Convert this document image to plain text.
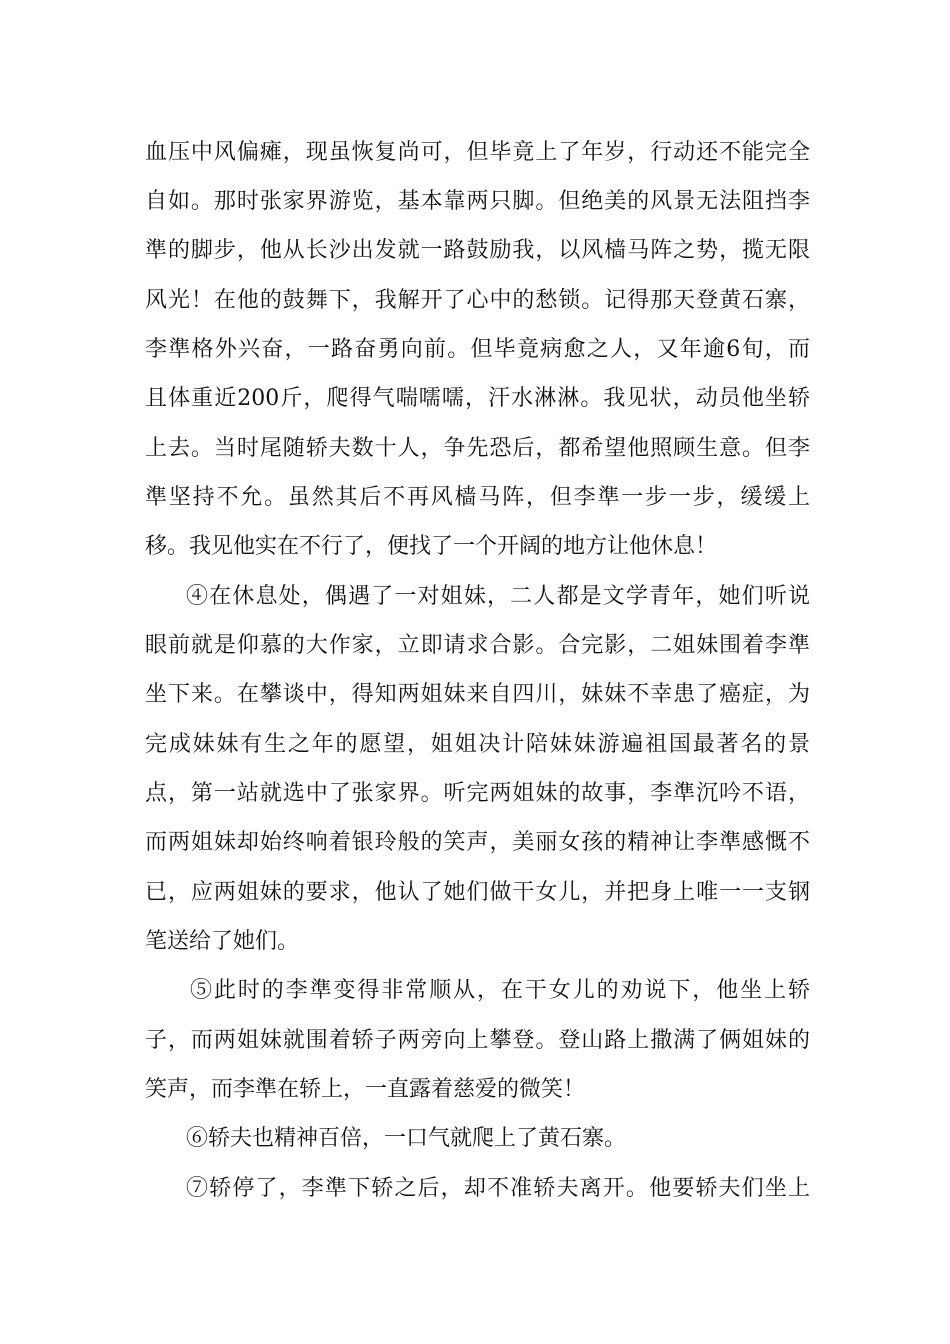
血压中风偏瘫，现虽恢复尚可，但毕竟上了年岁，行动还不能完全
自如。那时张家界游览，基本靠两只脚。但绝美的风景无法阻挡李
準的脚步，他从长沙出发就一路鼓励我，以风樯马阵之势，揽无限
风光！在他的鼓舞下，我解开了心中的愁锁。记得那天登黄石寨，
李準格外兴奋，一路奋勇向前。但毕竟病愈之人，又年逾6旬，而
且体重近200斤，爬得气喘嚅嚅，汗水淋淋。我见状，动员他坐轿
上去。当时尾随轿夫数十人，争先恐后，都希望他照顾生意。但李
準坚持不允。虽然其后不再风樯马阵，但李準一步一步，缓缓上
移。我见他实在不行了，便找了一个开阔的地方让他休息！
④在休息处，偶遇了一对姐妹，二人都是文学青年，她们听说
眼前就是仰慕的大作家，立即请求合影。合完影，二姐妹围着李準
坐下来。在攀谈中，得知两姐妹来自四川，妹妹不幸患了癌症，为
完成妹妹有生之年的愿望，姐姐决计陪妹妹游遍祖国最著名的景
点，第一站就选中了张家界。听完两姐妹的故事，李準沉吟不语，
而两姐妹却始终响着银玲般的笑声，美丽女孩的精神让李準感慨不
已，应两姐妹的要求，他认了她们做干女儿，并把身上唯一一支钢
笔送给了她们。
⑤此时的李準变得非常顺从，在干女儿的劝说下，他坐上轿
子，而两姐妹就围着轿子两旁向上攀登。登山路上撒满了俩姐妹的
笑声，而李準在轿上，一直露着慈爱的微笑！
⑥轿夫也精神百倍，一口气就爬上了黄石寨。
⑦轿停了，李準下轿之后，却不准轿夫离开。他要轿夫们坐上
